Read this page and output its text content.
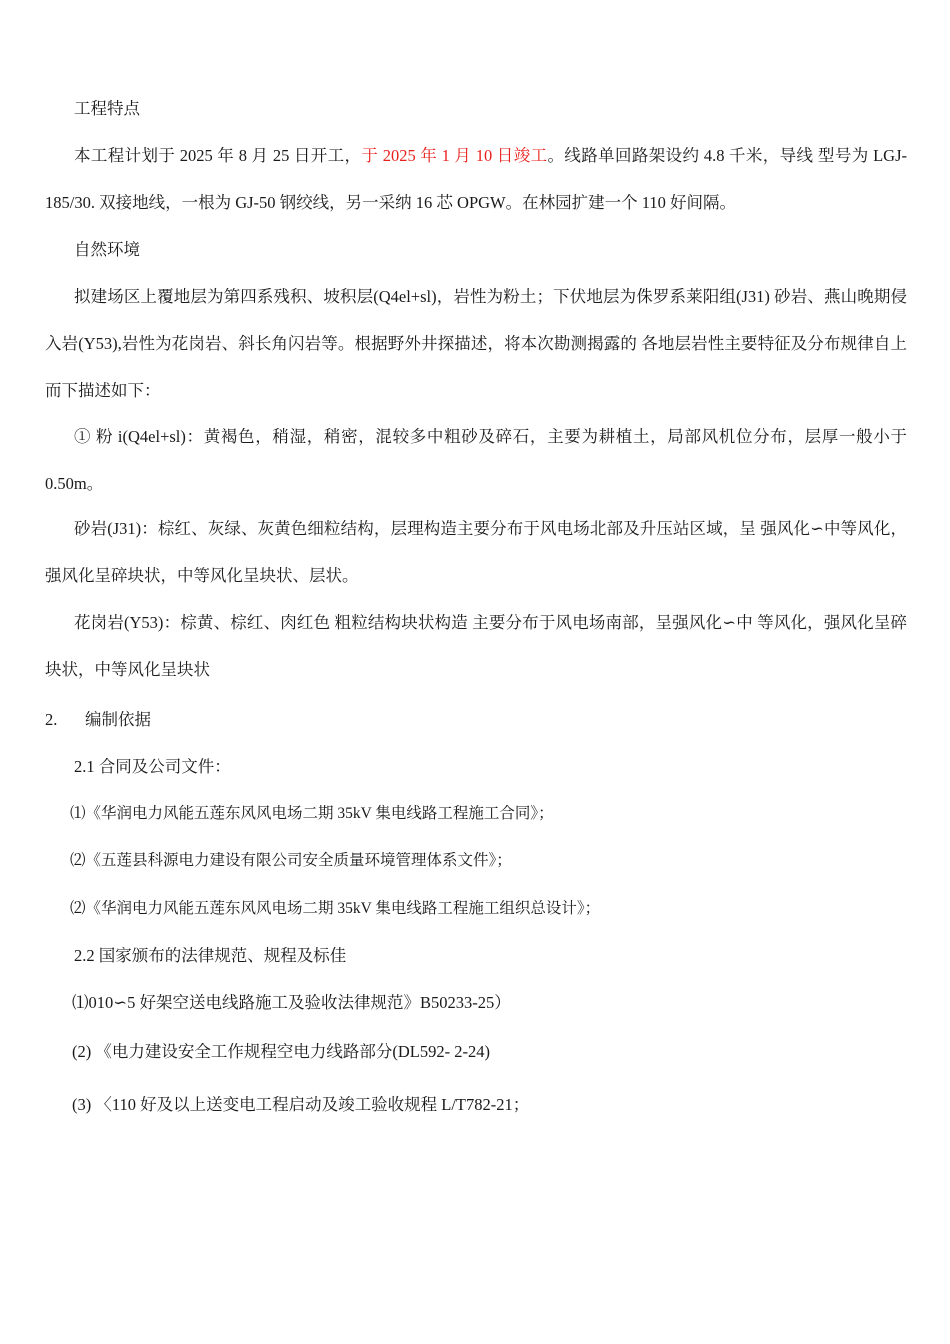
工程特点
本工程计划于 2025 年 8 月 25 日开工，于 2025 年 1 月 10 日竣工。线路单回路架设约 4.8 千米，导线 型号为 LGJ-185/30. 双接地线，一根为 GJ-50 钢绞线，另一采纳 16 芯 OPGW。在林园扩建一个 110 好间隔。
自然环境
拟建场区上覆地层为第四系残积、坡积层(Q4el+sl)，岩性为粉土；下伏地层为侏罗系莱阳组(J31) 砂岩、燕山晚期侵入岩(Y53),岩性为花岗岩、斜长角闪岩等。根据野外井探描述，将本次勘测揭露的 各地层岩性主要特征及分布规律自上而下描述如下：
① 粉 i(Q4el+sl)：黄褐色，稍湿，稍密，混较多中粗砂及碎石，主要为耕植土，局部风机位分布，层厚一般小于 0.50m。
砂岩(J31)：棕红、灰绿、灰黄色细粒结构，层理构造主要分布于风电场北部及升压站区域，呈 强风化∽中等风化，强风化呈碎块状，中等风化呈块状、层状。
花岗岩(Y53)：棕黄、棕红、肉红色 粗粒结构块状构造 主要分布于风电场南部，呈强风化∽中 等风化，强风化呈碎块状，中等风化呈块状
2. 编制依据
2.1 合同及公司文件：
⑴《华润电力风能五莲东风风电场二期 35kV 集电线路工程施工合同》；
⑵《五莲县科源电力建设有限公司安全质量环境管理体系文件》；
⑵《华润电力风能五莲东风风电场二期 35kV 集电线路工程施工组织总设计》；
2.2 国家颁布的法律规范、规程及标佳
⑴010∽5 好架空送电线路施工及验收法律规范》B50233-25）
(2) 《电力建设安全工作规程空电力线路部分(DL592- 2-24)
(3) 〈110 好及以上送变电工程启动及竣工验收规程 L/T782-21；
